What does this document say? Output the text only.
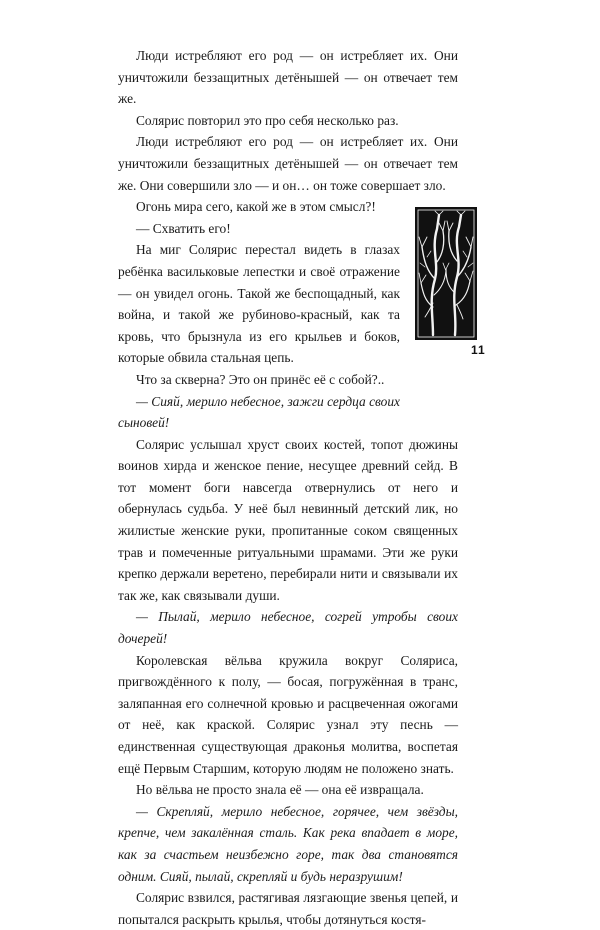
Люди истребляют его род — он истребляет их. Они уничтожили беззащитных детёнышей — он отвечает тем же.

Солярис повторил это про себя несколько раз.

Люди истребляют его род — он истребляет их. Они уничтожили беззащитных детёнышей — он отвечает тем же. Они совершили зло — и он… он тоже совершает зло.

Огонь мира сего, какой же в этом смысл?!

— Схватить его!

На миг Солярис перестал видеть в глазах ребёнка васильковые лепестки и своё отражение — он увидел огонь. Такой же беспощадный, как война, и такой же рубиново-красный, как та кровь, что брызнула из его крыльев и боков, которые обвила стальная цепь.

Что за скверна? Это он принёс её с собой?..

— Сияй, мерило небесное, зажги сердца своих сыновей!

Солярис услышал хруст своих костей, топот дюжины воинов хирда и женское пение, несущее древний сейд. В тот момент боги навсегда отвернулись от него и обернулась судьба. У неё был невинный детский лик, но жилистые женские руки, пропитанные соком священных трав и помеченные ритуальными шрамами. Эти же руки крепко держали веретено, перебирали нити и связывали их так же, как связывали души.

— Пылай, мерило небесное, согрей утробы своих дочерей!

Королевская вёльва кружила вокруг Соляриса, пригвождённого к полу, — босая, погружённая в транс, заляпанная его солнечной кровью и расцвеченная ожогами от неё, как краской. Солярис узнал эту песнь — единственная существующая драконья молитва, воспетая ещё Первым Старшим, которую людям не положено знать.

Но вёльва не просто знала её — она её извращала.

— Скрепляй, мерило небесное, горячее, чем звёзды, крепче, чем закалённая сталь. Как река впадает в море, как за счастьем неизбежно горе, так два становятся одним. Сияй, пылай, скрепляй и будь неразрушим!

Солярис взвился, растягивая лязгающие звенья цепей, и попытался раскрыть крылья, чтобы дотянуться костя-

11
